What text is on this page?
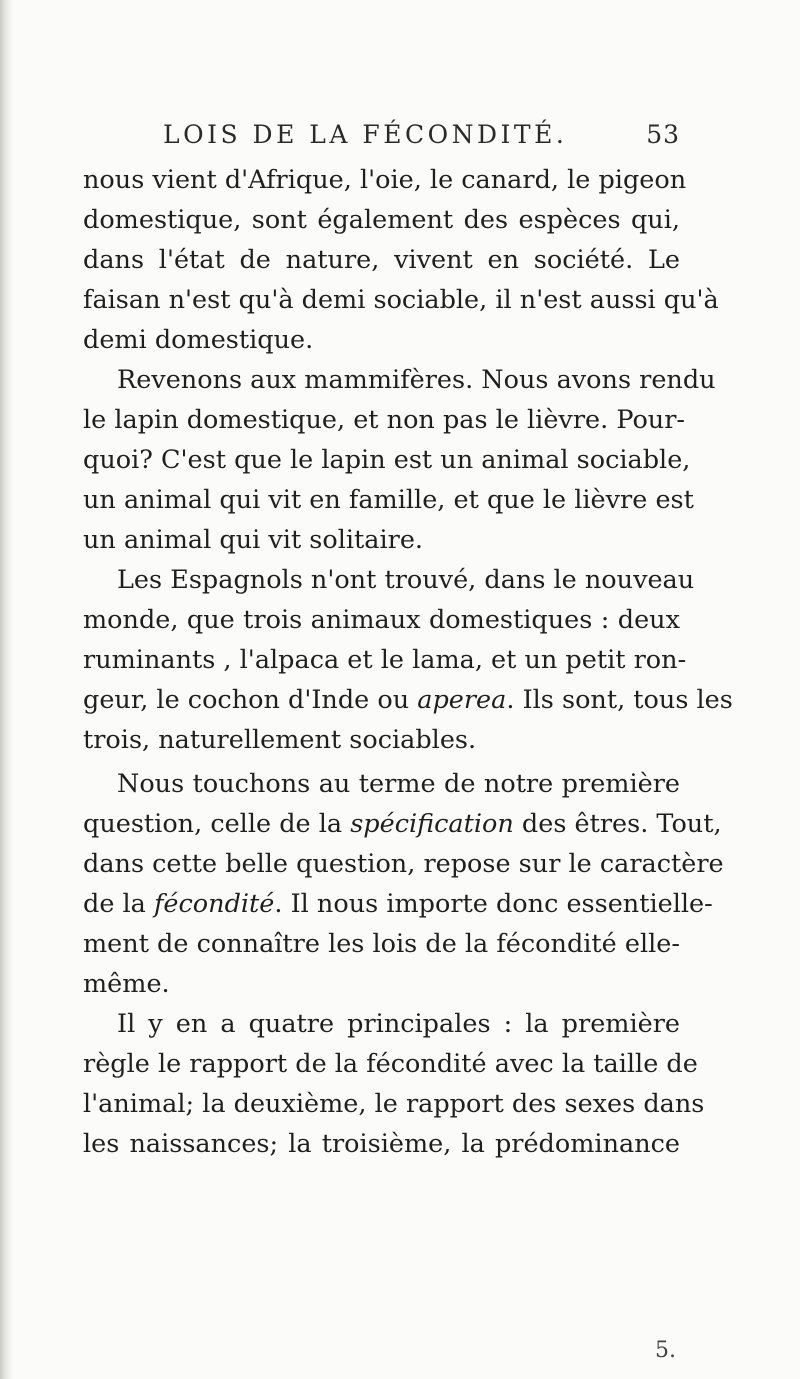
LOIS DE LA FÉCONDITÉ.	53
nous vient d'Afrique, l'oie, le canard, le pigeon
domestique, sont également des espèces qui,
dans l'état de nature, vivent en société. Le
faisan n'est qu'à demi sociable, il n'est aussi qu'à
demi domestique.
Revenons aux mammifères. Nous avons rendu
le lapin domestique, et non pas le lièvre. Pour-
quoi? C'est que le lapin est un animal sociable,
un animal qui vit en famille, et que le lièvre est
un animal qui vit solitaire.
Les Espagnols n'ont trouvé, dans le nouveau
monde, que trois animaux domestiques : deux
ruminants , l'alpaca et le lama, et un petit ron-
geur, le cochon d'Inde ou aperea. Ils sont, tous les
trois, naturellement sociables.
Nous touchons au terme de notre première
question, celle de la spécification des êtres. Tout,
dans cette belle question, repose sur le caractère
de la fécondité. Il nous importe donc essentielle-
ment de connaître les lois de la fécondité elle-
même.
Il y en a quatre principales : la première
règle le rapport de la fécondité avec la taille de
l'animal; la deuxième, le rapport des sexes dans
les naissances; la troisième, la prédominance
5.
